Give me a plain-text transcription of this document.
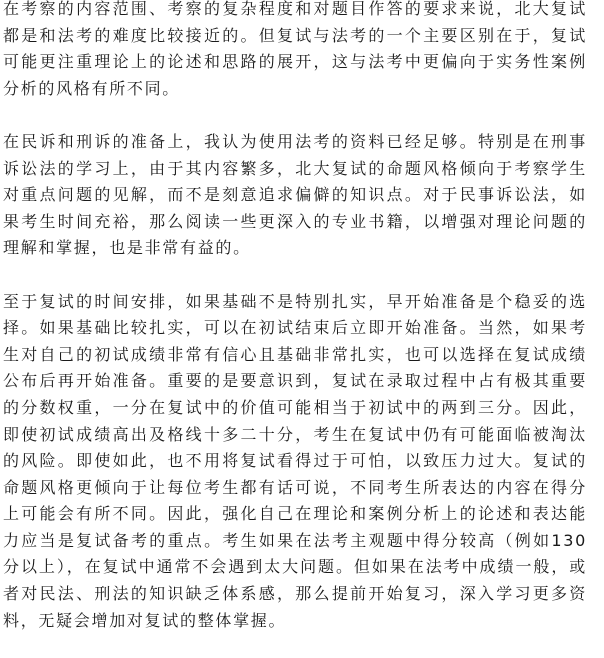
在考察的内容范围、考察的复杂程度和对题目作答的要求来说，北大复试都是和法考的难度比较接近的。但复试与法考的一个主要区别在于，复试可能更注重理论上的论述和思路的展开，这与法考中更偏向于实务性案例分析的风格有所不同。

在民诉和刑诉的准备上，我认为使用法考的资料已经足够。特别是在刑事诉讼法的学习上，由于其内容繁多，北大复试的命题风格倾向于考察学生对重点问题的见解，而不是刻意追求偏僻的知识点。对于民事诉讼法，如果考生时间充裕，那么阅读一些更深入的专业书籍，以增强对理论问题的理解和掌握，也是非常有益的。

至于复试的时间安排，如果基础不是特别扎实，早开始准备是个稳妥的选择。如果基础比较扎实，可以在初试结束后立即开始准备。当然，如果考生对自己的初试成绩非常有信心且基础非常扎实，也可以选择在复试成绩公布后再开始准备。重要的是要意识到，复试在录取过程中占有极其重要的分数权重，一分在复试中的价值可能相当于初试中的两到三分。因此，即使初试成绩高出及格线十多二十分，考生在复试中仍有可能面临被淘汰的风险。即使如此，也不用将复试看得过于可怕，以致压力过大。复试的命题风格更倾向于让每位考生都有话可说，不同考生所表达的内容在得分上可能会有所不同。因此，强化自己在理论和案例分析上的论述和表达能力应当是复试备考的重点。考生如果在法考主观题中得分较高（例如130分以上），在复试中通常不会遇到太大问题。但如果在法考中成绩一般，或者对民法、刑法的知识缺乏体系感，那么提前开始复习，深入学习更多资料，无疑会增加对复试的整体掌握。
